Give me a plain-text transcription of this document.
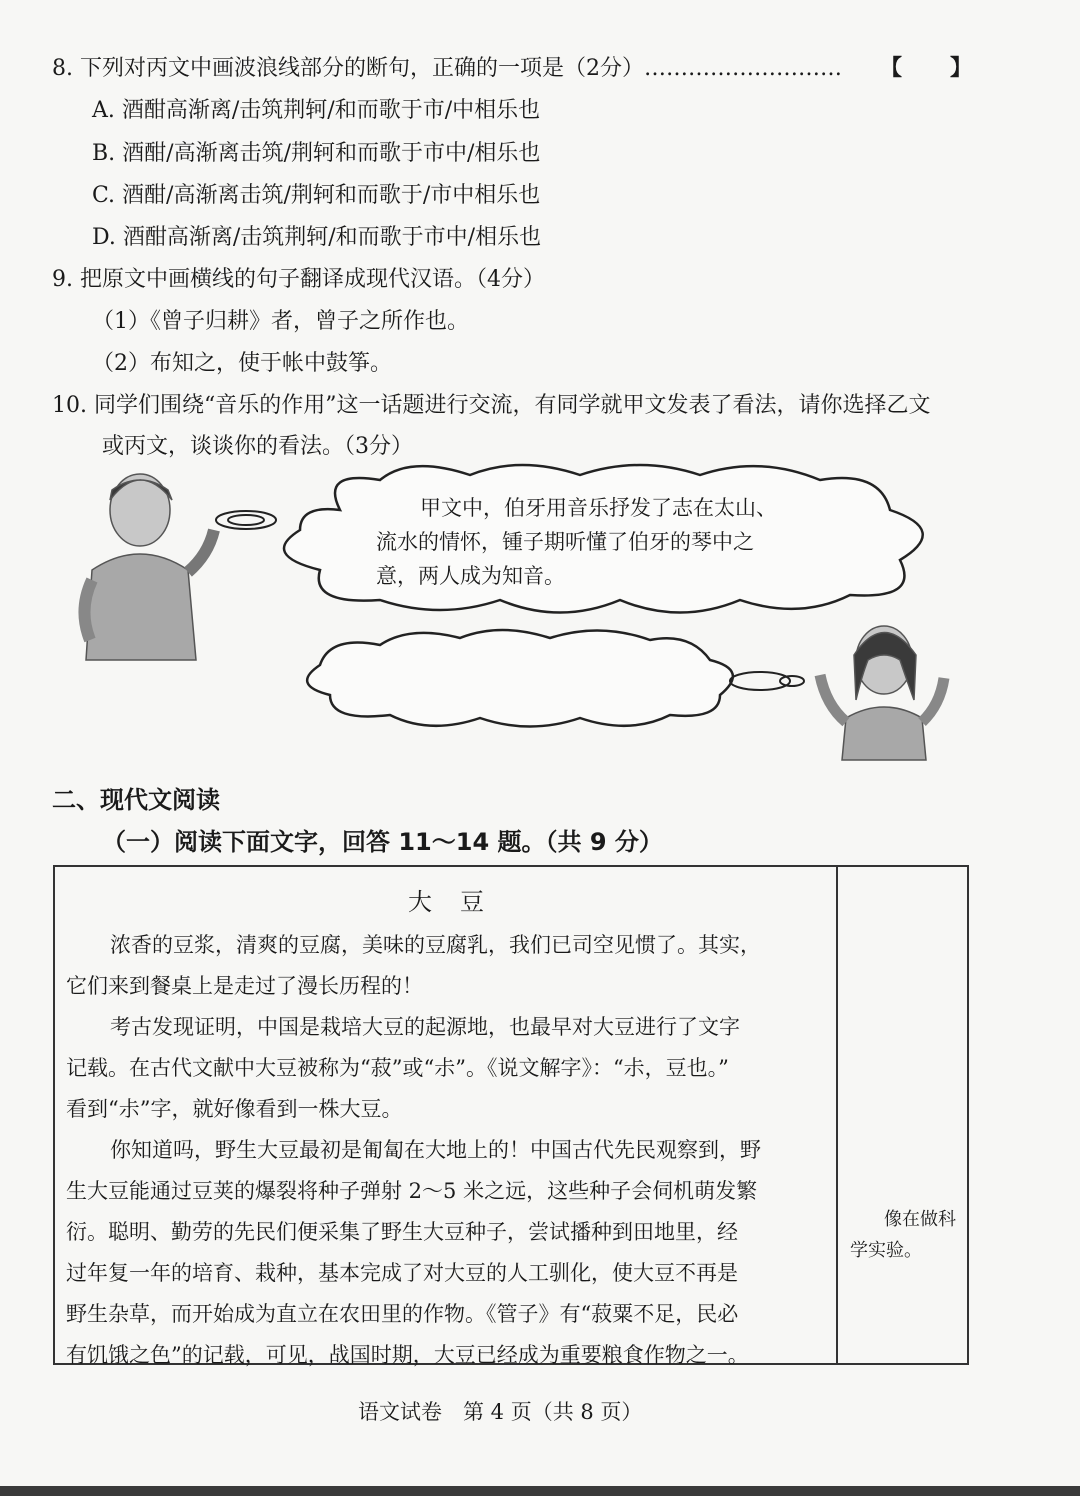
8. 下列对丙文中画波浪线部分的断句，正确的一项是（2分）……………………… 【 】
A. 酒酣高渐离/击筑荆轲/和而歌于市/中相乐也
B. 酒酣/高渐离击筑/荆轲和而歌于市中/相乐也
C. 酒酣/高渐离击筑/荆轲和而歌于/市中相乐也
D. 酒酣高渐离/击筑荆轲/和而歌于市中/相乐也
9. 把原文中画横线的句子翻译成现代汉语。（4分）
（1）《曾子归耕》者，曾子之所作也。
（2）布知之，使于帐中鼓筝。
10. 同学们围绕“音乐的作用”这一话题进行交流，有同学就甲文发表了看法，请你选择乙文
或丙文，谈谈你的看法。（3分）
甲文中，伯牙用音乐抒发了志在太山、
流水的情怀，锺子期听懂了伯牙的琴中之
意，两人成为知音。
二、现代文阅读
（一）阅读下面文字，回答 11～14 题。（共 9 分）
大　豆
浓香的豆浆，清爽的豆腐，美味的豆腐乳，我们已司空见惯了。其实，
它们来到餐桌上是走过了漫长历程的！
考古发现证明，中国是栽培大豆的起源地，也最早对大豆进行了文字
记载。在古代文献中大豆被称为“菽”或“尗”。《说文解字》：“尗，豆也。”
看到“尗”字，就好像看到一株大豆。
你知道吗，野生大豆最初是匍匐在大地上的！中国古代先民观察到，野
生大豆能通过豆荚的爆裂将种子弹射 2～5 米之远，这些种子会伺机萌发繁
衍。聪明、勤劳的先民们便采集了野生大豆种子，尝试播种到田地里，经
过年复一年的培育、栽种，基本完成了对大豆的人工驯化，使大豆不再是
野生杂草，而开始成为直立在农田里的作物。《管子》有“菽粟不足，民必
有饥饿之色”的记载，可见，战国时期，大豆已经成为重要粮食作物之一。
像在做科
学实验。
语文试卷　第 4 页（共 8 页）
